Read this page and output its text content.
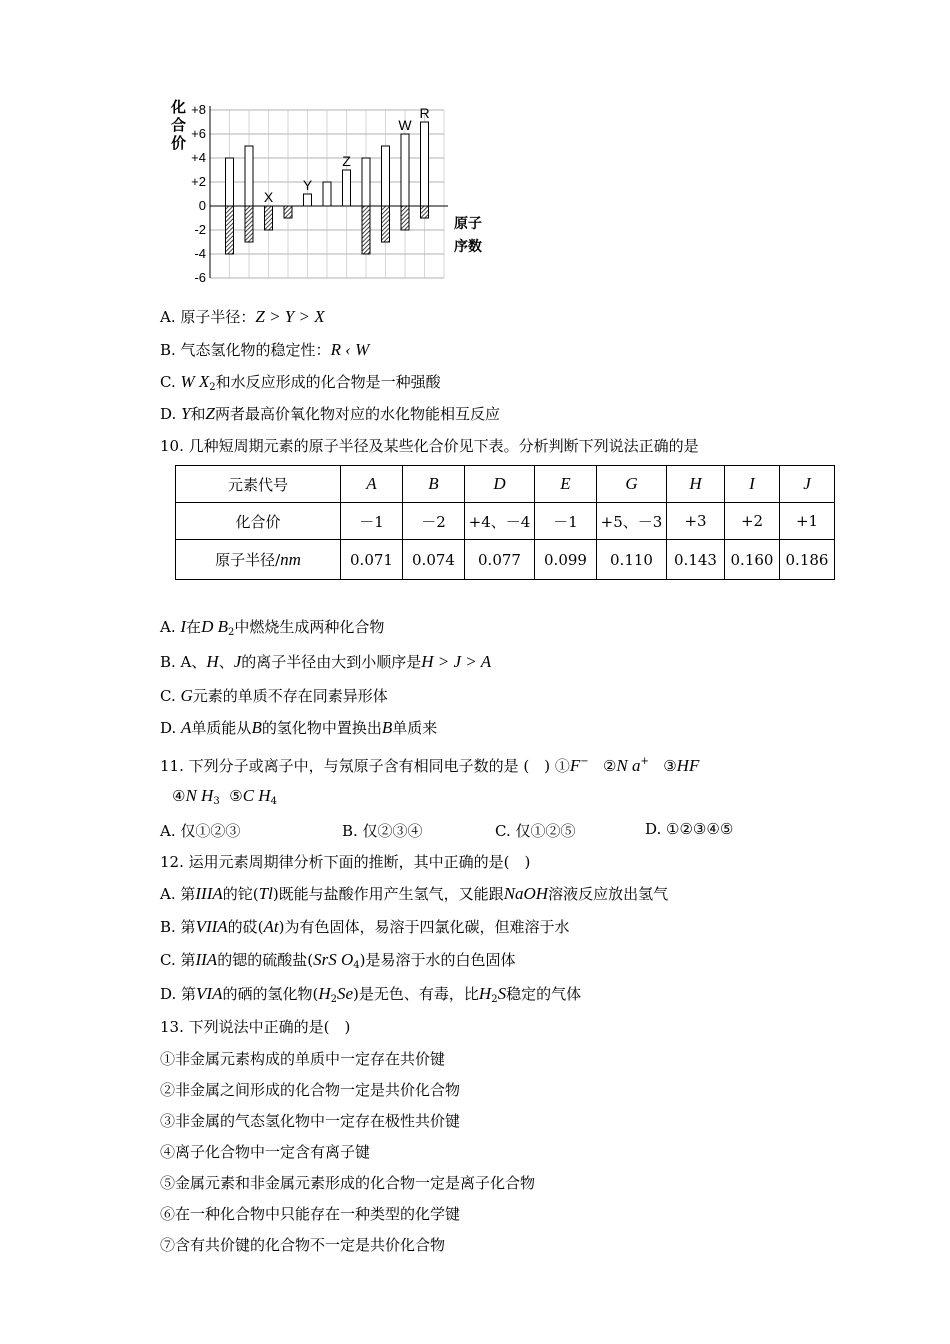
+8
+6
+4
+2
0
-2
-4
-6
X
Y
Z
W
R
化
合
价
原子
序数
A. 原子半径：Z > Y > X
B. 气态氢化物的稳定性：R ‹ W
C. W $X_2$和水反应形成的化合物是一种强酸
D. Y和Z两者最高价氧化物对应的水化物能相互反应
10. 几种短周期元素的原子半径及某些化合价见下表。分析判断下列说法正确的是
元素代号	A	B	D	E	G	H	I	J
化合价	－1	－2	+4、－4	－1	+5、－3	+3	+2	+1
原子半径/nm	0.071	0.074	0.077	0.099	0.110	0.143	0.160	0.186
A. I在D $B_2$中燃烧生成两种化合物
B. A、H、J的离子半径由大到小顺序是H > J > A
C. G元素的单质不存在同素异形体
D. A单质能从B的氢化物中置换出B单质来
11. 下列分子或离子中，与氖原子含有相同电子数的是 (　) ①F− ②N a+ ③HF
④N $H_3$ ⑤C $H_4$
A. 仅①②③	B. 仅②③④	C. 仅①②⑤	D. ①②③④⑤
12. 运用元素周期律分析下面的推断，其中正确的是(　)
A. 第IIIA的铊(Tl)既能与盐酸作用产生氢气，又能跟NaOH溶液反应放出氢气
B. 第VIIA的砹(At)为有色固体，易溶于四氯化碳，但难溶于水
C. 第IIA的锶的硫酸盐(SrS $O_4$)是易溶于水的白色固体
D. 第VIA的硒的氢化物$(H_2Se)$是无色、有毒，比$H_2S$稳定的气体
13. 下列说法中正确的是(　)
①非金属元素构成的单质中一定存在共价键
②非金属之间形成的化合物一定是共价化合物
③非金属的气态氢化物中一定存在极性共价键
④离子化合物中一定含有离子键
⑤金属元素和非金属元素形成的化合物一定是离子化合物
⑥在一种化合物中只能存在一种类型的化学键
⑦含有共价键的化合物不一定是共价化合物
